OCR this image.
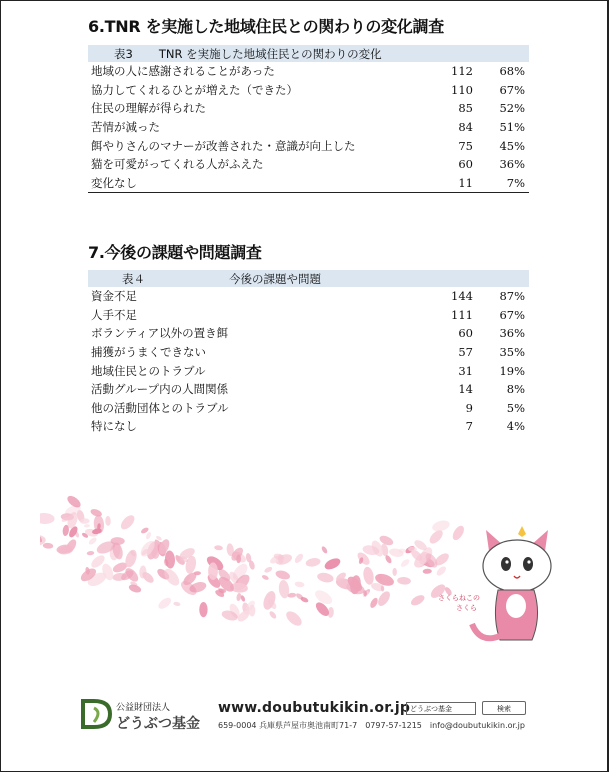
6.TNR を実施した地域住民との関わりの変化調査
表3 TNR を実施した地域住民との関わりの変化
地域の人に感謝されることがあった	112	68%
協力してくれるひとが増えた（できた）	110	67%
住民の理解が得られた	85	52%
苦情が減った	84	51%
餌やりさんのマナーが改善された・意識が向上した	75	45%
猫を可愛がってくれる人がふえた	60	36%
変化なし	11	7%
7.今後の課題や問題調査
表４	今後の課題や問題
資金不足	144	87%
人手不足	111	67%
ボランティア以外の置き餌	60	36%
捕獲がうまくできない	57	35%
地域住民とのトラブル	31	19%
活動グループ内の人間関係	14	8%
他の活動団体とのトラブル	9	5%
特になし	7	4%
さくらねこの
さくら
公益財団法人
どうぶつ基金
www.doubutukikin.or.jp どうぶつ基金	検索
659-0004 兵庫県芦屋市奥池南町71-7　0797-57-1215　info@doubutukikin.or.jp
